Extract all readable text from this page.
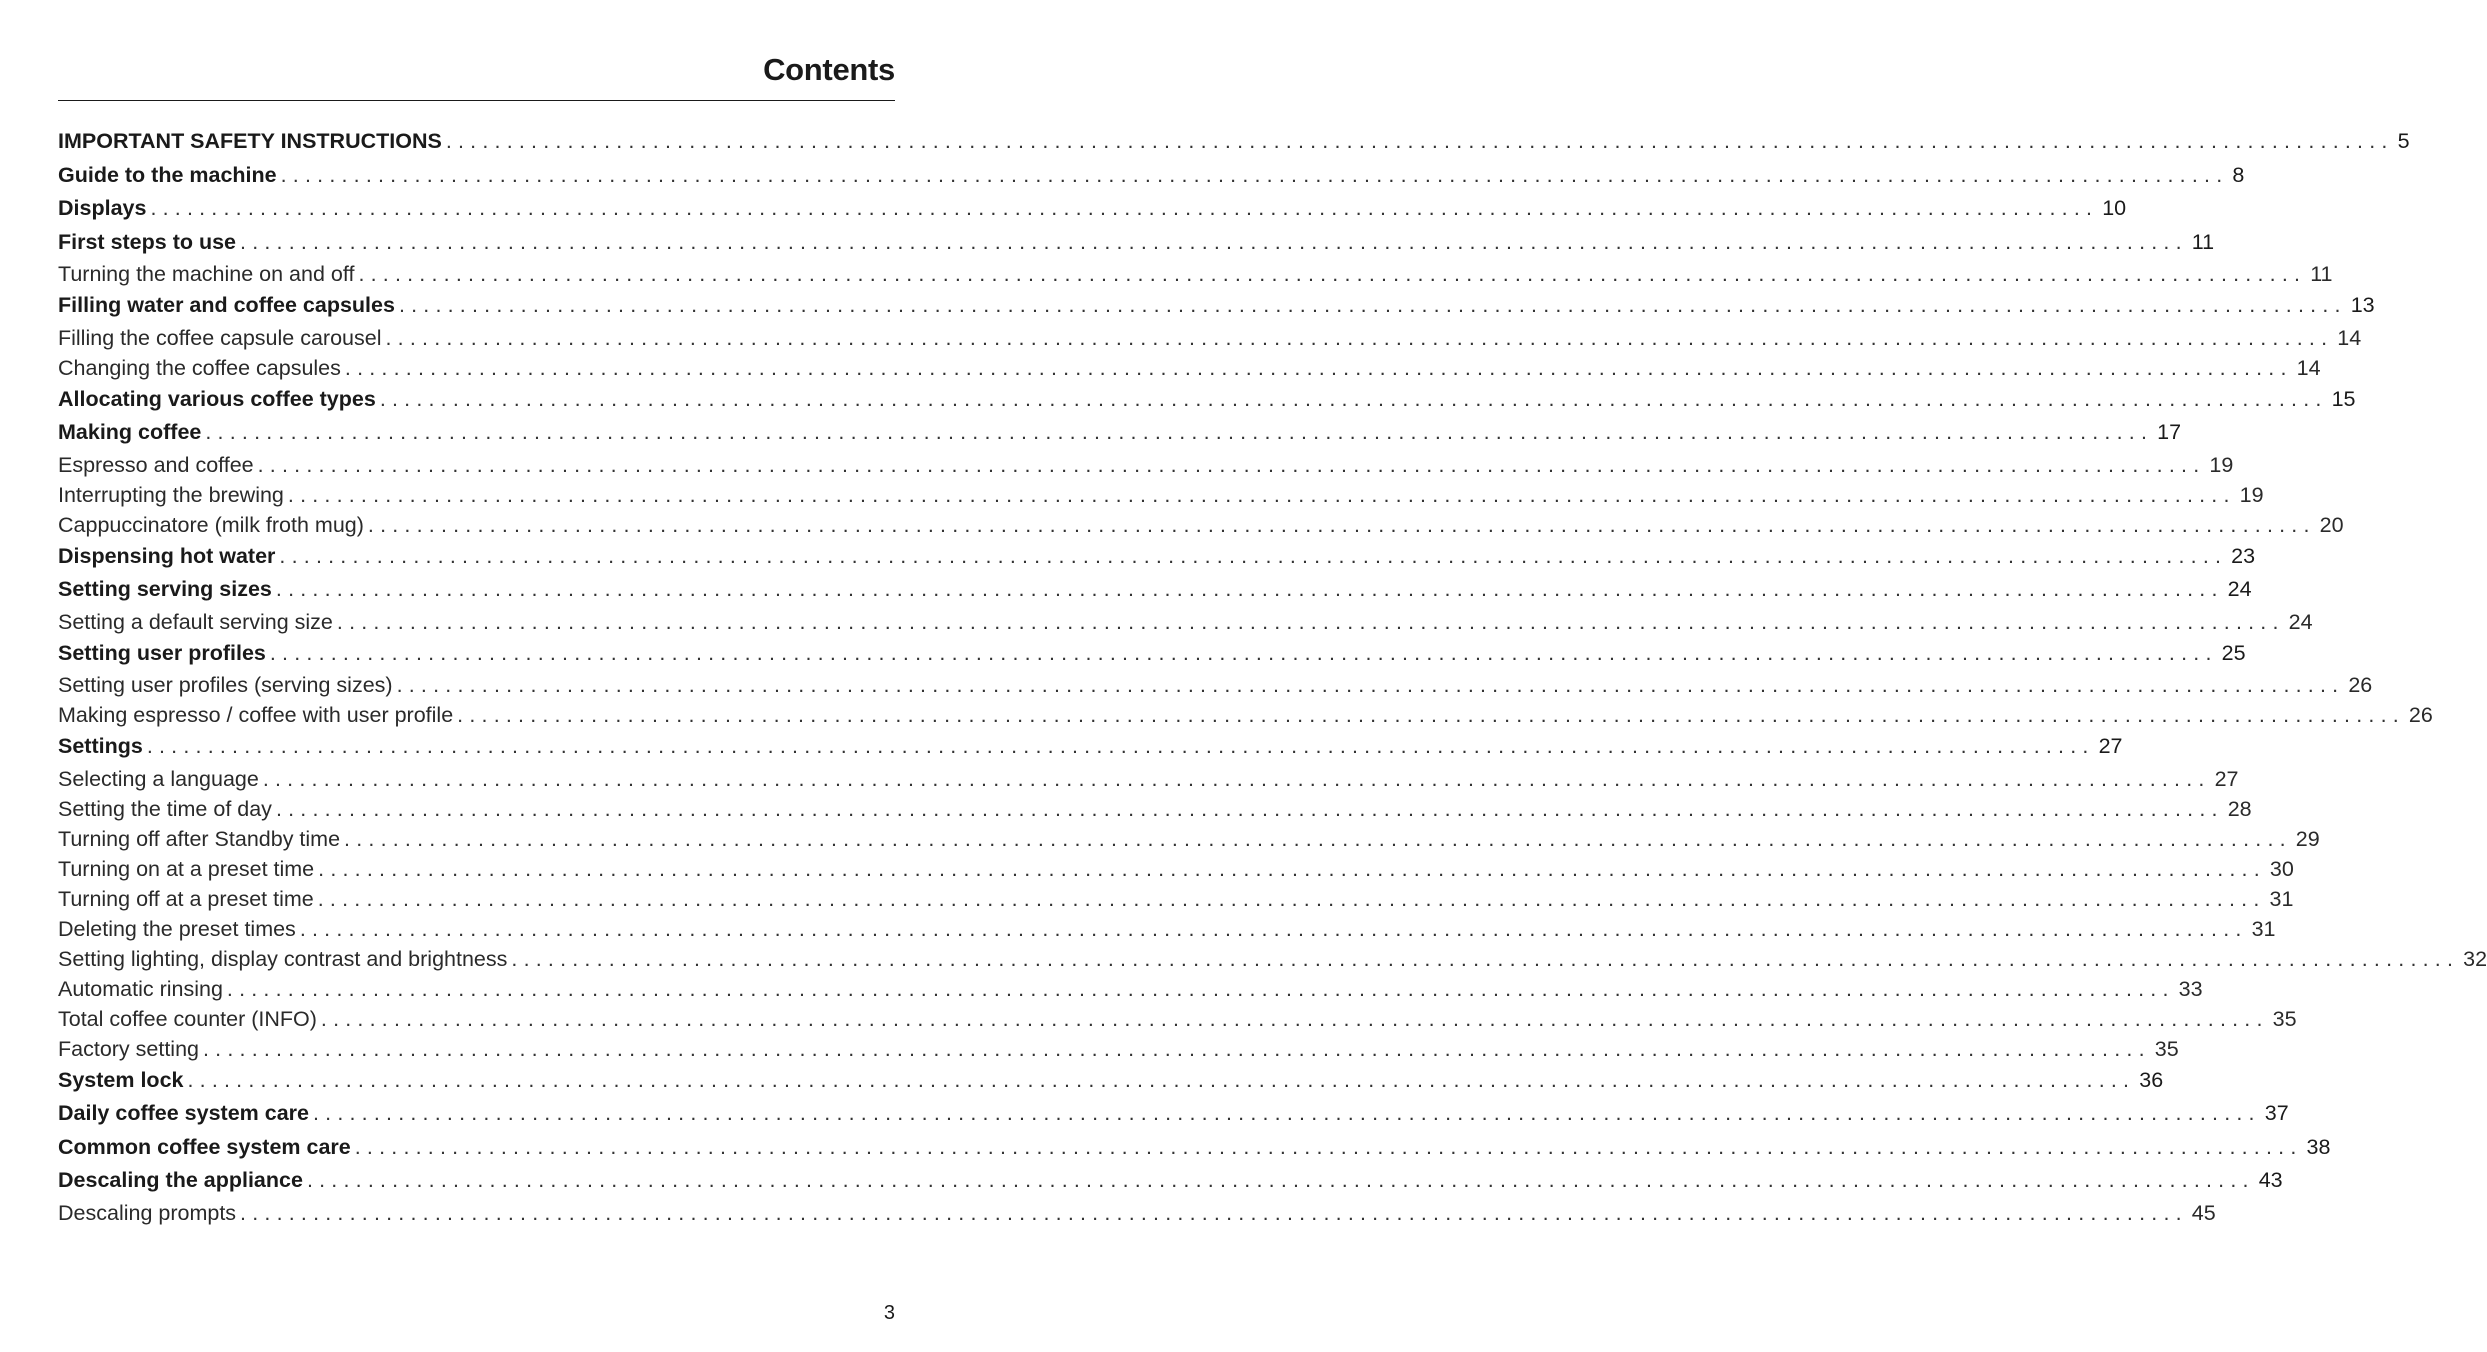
Contents
IMPORTANT SAFETY INSTRUCTIONS ................................................................................................................................................................ 5
Guide to the machine ................................................................................................................................................................ 8
Displays ................................................................................................................................................................ 10
First steps to use ................................................................................................................................................................ 11
Turning the machine on and off ................................................................................................................................................................ 11
Filling water and coffee capsules ................................................................................................................................................................ 13
Filling the coffee capsule carousel ................................................................................................................................................................ 14
Changing the coffee capsules ................................................................................................................................................................ 14
Allocating various coffee types ................................................................................................................................................................ 15
Making coffee ................................................................................................................................................................ 17
Espresso and coffee ................................................................................................................................................................ 19
Interrupting the brewing ................................................................................................................................................................ 19
Cappuccinatore (milk froth mug) ................................................................................................................................................................ 20
Dispensing hot water ................................................................................................................................................................ 23
Setting serving sizes ................................................................................................................................................................ 24
Setting a default serving size ................................................................................................................................................................ 24
Setting user profiles ................................................................................................................................................................ 25
Setting user profiles (serving sizes) ................................................................................................................................................................ 26
Making espresso / coffee with user profile ................................................................................................................................................................ 26
Settings ................................................................................................................................................................ 27
Selecting a language ................................................................................................................................................................ 27
Setting the time of day ................................................................................................................................................................ 28
Turning off after Standby time ................................................................................................................................................................ 29
Turning on at a preset time ................................................................................................................................................................ 30
Turning off at a preset time ................................................................................................................................................................ 31
Deleting the preset times ................................................................................................................................................................ 31
Setting lighting, display contrast and brightness ................................................................................................................................................................ 32
Automatic rinsing ................................................................................................................................................................ 33
Total coffee counter (INFO) ................................................................................................................................................................ 35
Factory setting ................................................................................................................................................................ 35
System lock ................................................................................................................................................................ 36
Daily coffee system care ................................................................................................................................................................ 37
Common coffee system care ................................................................................................................................................................ 38
Descaling the appliance ................................................................................................................................................................ 43
Descaling prompts ................................................................................................................................................................ 45
3
